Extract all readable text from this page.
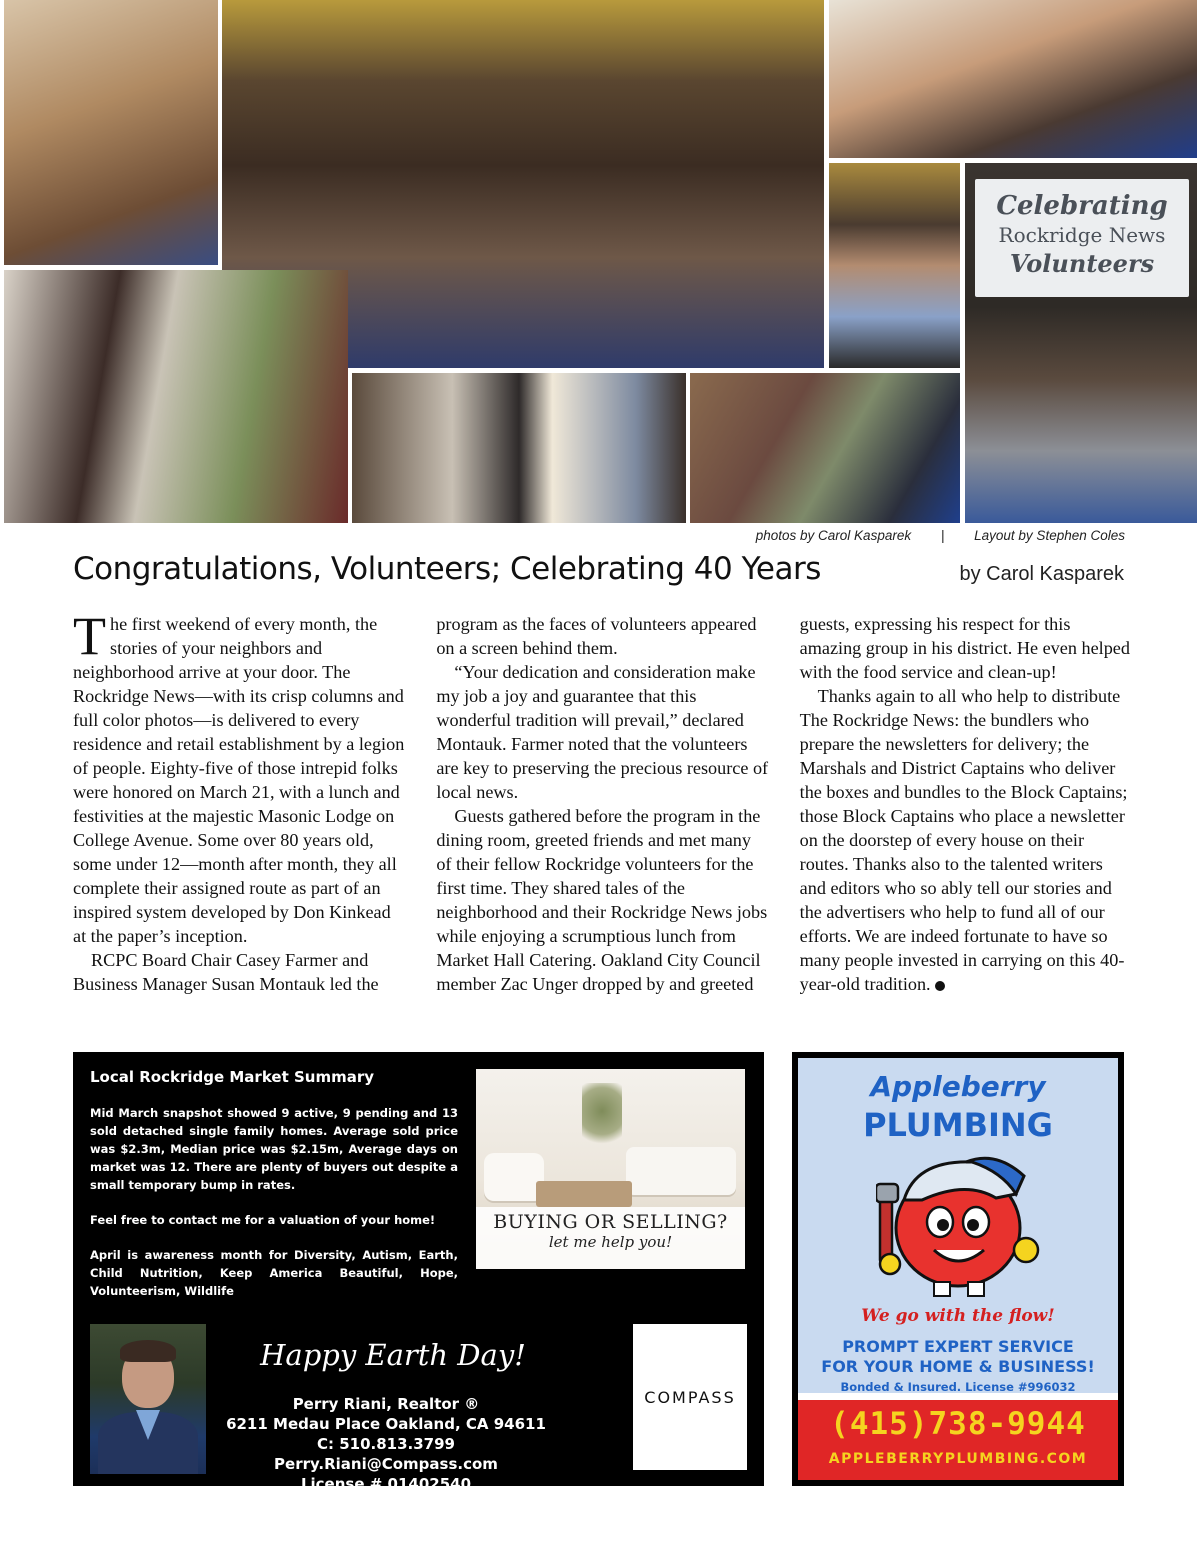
Celebrating
Rockridge News
Volunteers
photos by Carol Kasparek | Layout by Stephen Coles
Congratulations, Volunteers; Celebrating 40 Years	by Carol Kasparek

The first weekend of every month, the stories of your neighbors and neighborhood arrive at your door. The Rockridge News—with its crisp columns and full color photos—is delivered to every residence and retail establishment by a legion of people. Eighty-five of those intrepid folks were honored on March 21, with a lunch and festivities at the majestic Masonic Lodge on College Avenue. Some over 80 years old, some under 12—month after month, they all complete their assigned route as part of an inspired system developed by Don Kinkead at the paper’s inception.

RCPC Board Chair Casey Farmer and Business Manager Susan Montauk led the program as the faces of volunteers appeared on a screen behind them.

“Your dedication and consideration make my job a joy and guarantee that this wonderful tradition will prevail,” declared Montauk. Farmer noted that the volunteers are key to preserving the precious resource of local news.

Guests gathered before the program in the dining room, greeted friends and met many of their fellow Rockridge volunteers for the first time. They shared tales of the neighborhood and their Rockridge News jobs while enjoying a scrumptious lunch from Market Hall Catering. Oakland City Council member Zac Unger dropped by and greeted guests, expressing his respect for this amazing group in his district. He even helped with the food service and clean-up!

Thanks again to all who help to distribute The Rockridge News: the bundlers who prepare the newsletters for delivery; the Marshals and District Captains who deliver the boxes and bundles to the Block Captains; those Block Captains who place a newsletter on the doorstep of every house on their routes. Thanks also to the talented writers and editors who so ably tell our stories and the advertisers who help to fund all of our efforts. We are indeed fortunate to have so many people invested in carrying on this 40-year-old tradition.

Local Rockridge Market Summary

Mid March snapshot showed 9 active, 9 pending and 13 sold detached single family homes. Average sold price was $2.3m, Median price was $2.15m, Average days on market was 12. There are plenty of buyers out despite a small temporary bump in rates.

Feel free to contact me for a valuation of your home!

April is awareness month for Diversity, Autism, Earth, Child Nutrition, Keep America Beautiful, Hope, Volunteerism, Wildlife

BUYING OR SELLING?
let me help you!
Happy Earth Day!
Perry Riani, Realtor ®
6211 Medau Place Oakland, CA 94611
C: 510.813.3799 Perry.Riani@Compass.com
License # 01402540
COMPASS
Appleberry
PLUMBING
We go with the flow!
PROMPT EXPERT SERVICE
FOR YOUR HOME & BUSINESS!
Bonded & Insured. License #996032
(415)738-9944
APPLEBERRYPLUMBING.COM
